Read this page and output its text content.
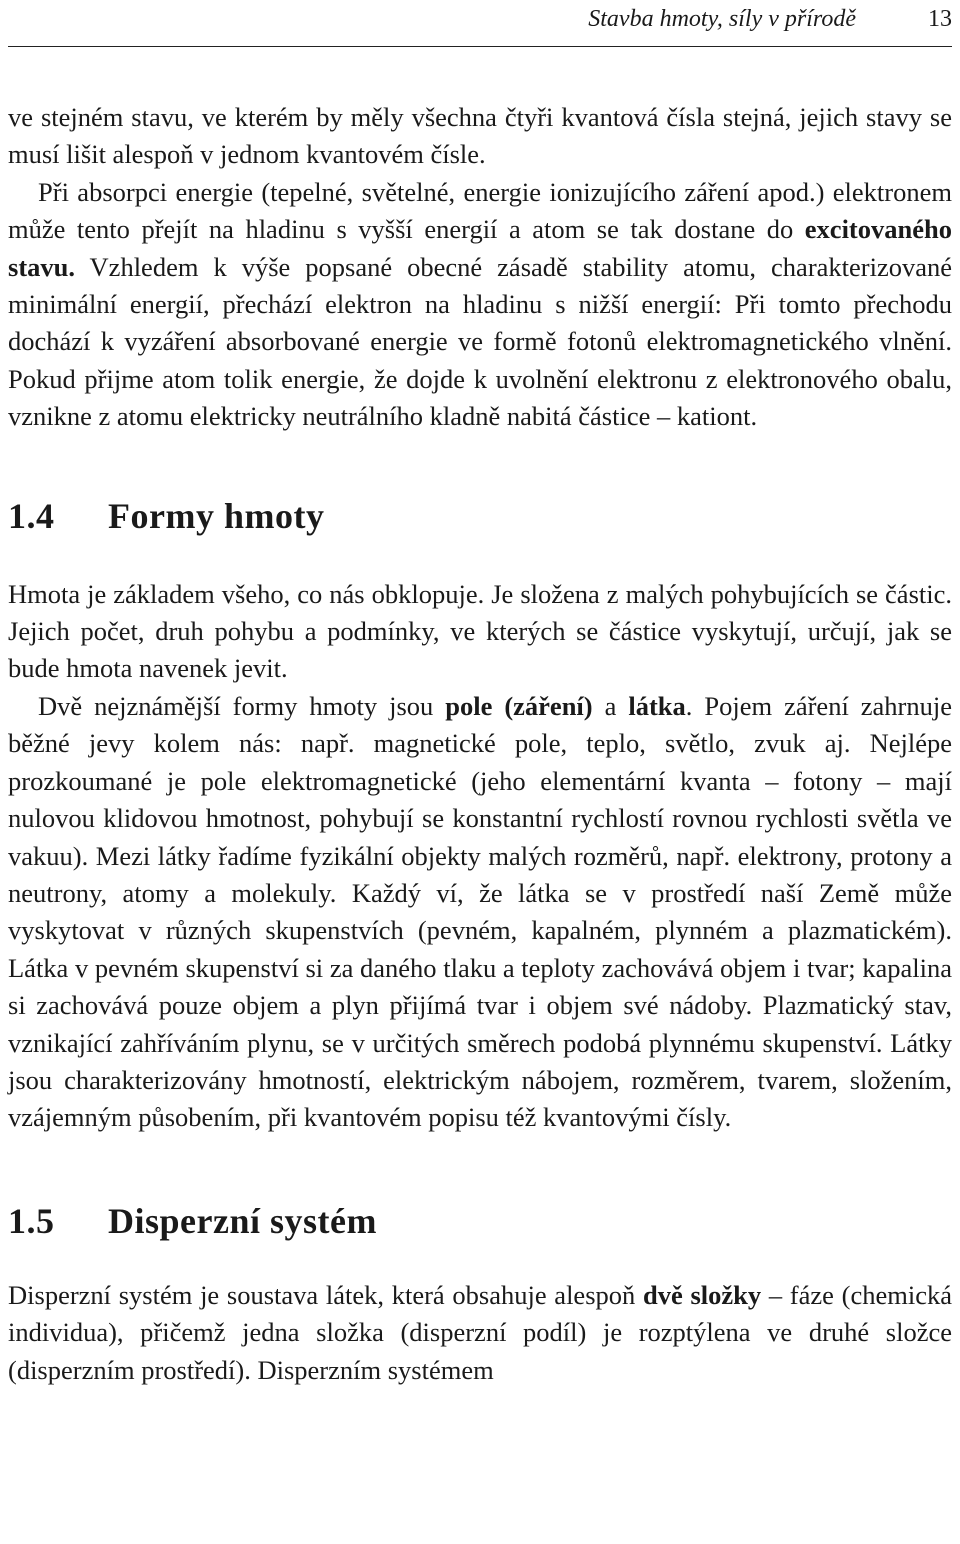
Stavba hmoty, síly v přírodě	13

ve stejném stavu, ve kterém by měly všechna čtyři kvantová čísla stejná, jejich stavy se musí lišit alespoň v jednom kvantovém čísle.

Při absorpci energie (tepelné, světelné, energie ionizujícího záření apod.) elektronem může tento přejít na hladinu s vyšší energií a atom se tak dostane do excitovaného stavu. Vzhledem k výše popsané obecné zásadě stability atomu, charakterizované minimální energií, přechází elektron na hladinu s nižší energií: Při tomto přechodu dochází k vyzáření absorbované energie ve formě fotonů elektromagnetického vlnění. Pokud přijme atom tolik energie, že dojde k uvolnění elektronu z elektronového obalu, vznikne z atomu elektricky neutrálního kladně nabitá částice – kationt.

1.4 Formy hmoty

Hmota je základem všeho, co nás obklopuje. Je složena z malých pohybujících se částic. Jejich počet, druh pohybu a podmínky, ve kterých se částice vyskytují, určují, jak se bude hmota navenek jevit.

Dvě nejznámější formy hmoty jsou pole (záření) a látka. Pojem záření zahrnuje běžné jevy kolem nás: např. magnetické pole, teplo, světlo, zvuk aj. Nejlépe prozkoumané je pole elektromagnetické (jeho elementární kvanta – fotony – mají nulovou klidovou hmotnost, pohybují se konstantní rychlostí rovnou rychlosti světla ve vakuu). Mezi látky řadíme fyzikální objekty malých rozměrů, např. elektrony, protony a neutrony, atomy a molekuly. Každý ví, že látka se v prostředí naší Země může vyskytovat v různých skupenstvích (pevném, kapalném, plynném a plazmatickém). Látka v pevném skupenství si za daného tlaku a teploty zachovává objem i tvar; kapalina si zachovává pouze objem a plyn přijímá tvar i objem své nádoby. Plazmatický stav, vznikající zahříváním plynu, se v určitých směrech podobá plynnému skupenství. Látky jsou charakterizovány hmotností, elektrickým nábojem, rozměrem, tvarem, složením, vzájemným působením, při kvantovém popisu též kvantovými čísly.

1.5 Disperzní systém

Disperzní systém je soustava látek, která obsahuje alespoň dvě složky – fáze (chemická individua), přičemž jedna složka (disperzní podíl) je rozptýlena ve druhé složce (disperzním prostředí). Disperzním systémem
